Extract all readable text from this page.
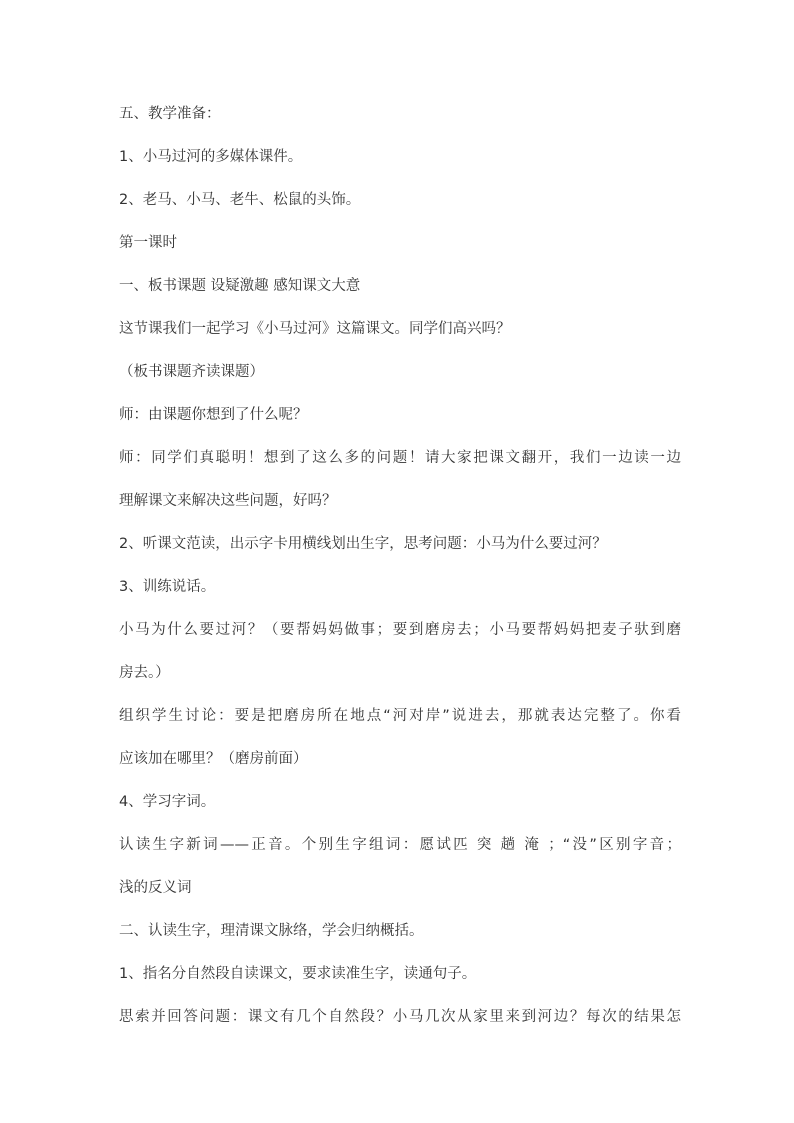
五、教学准备：
1、小马过河的多媒体课件。
2、老马、小马、老牛、松鼠的头饰。
第一课时
一、板书课题 设疑激趣 感知课文大意
这节课我们一起学习《小马过河》这篇课文。同学们高兴吗？
（板书课题齐读课题）
师：由课题你想到了什么呢？
师：同学们真聪明！想到了这么多的问题！请大家把课文翻开，我们一边读一边
理解课文来解决这些问题，好吗？
2、听课文范读，出示字卡用横线划出生字，思考问题：小马为什么要过河？
3、训练说话。
小马为什么要过河？（要帮妈妈做事；要到磨房去；小马要帮妈妈把麦子驮到磨
房去。）
组织学生讨论：要是把磨房所在地点“河对岸”说进去，那就表达完整了。你看
应该加在哪里？（磨房前面）
4、学习字词。
认读生字新词——正音。个别生字组词：愿试匹 突 趟 淹 ；“没”区别字音；
浅的反义词
二、认读生字，理清课文脉络，学会归纳概括。
1、指名分自然段自读课文，要求读准生字，读通句子。
思索并回答问题：课文有几个自然段？小马几次从家里来到河边？每次的结果怎
